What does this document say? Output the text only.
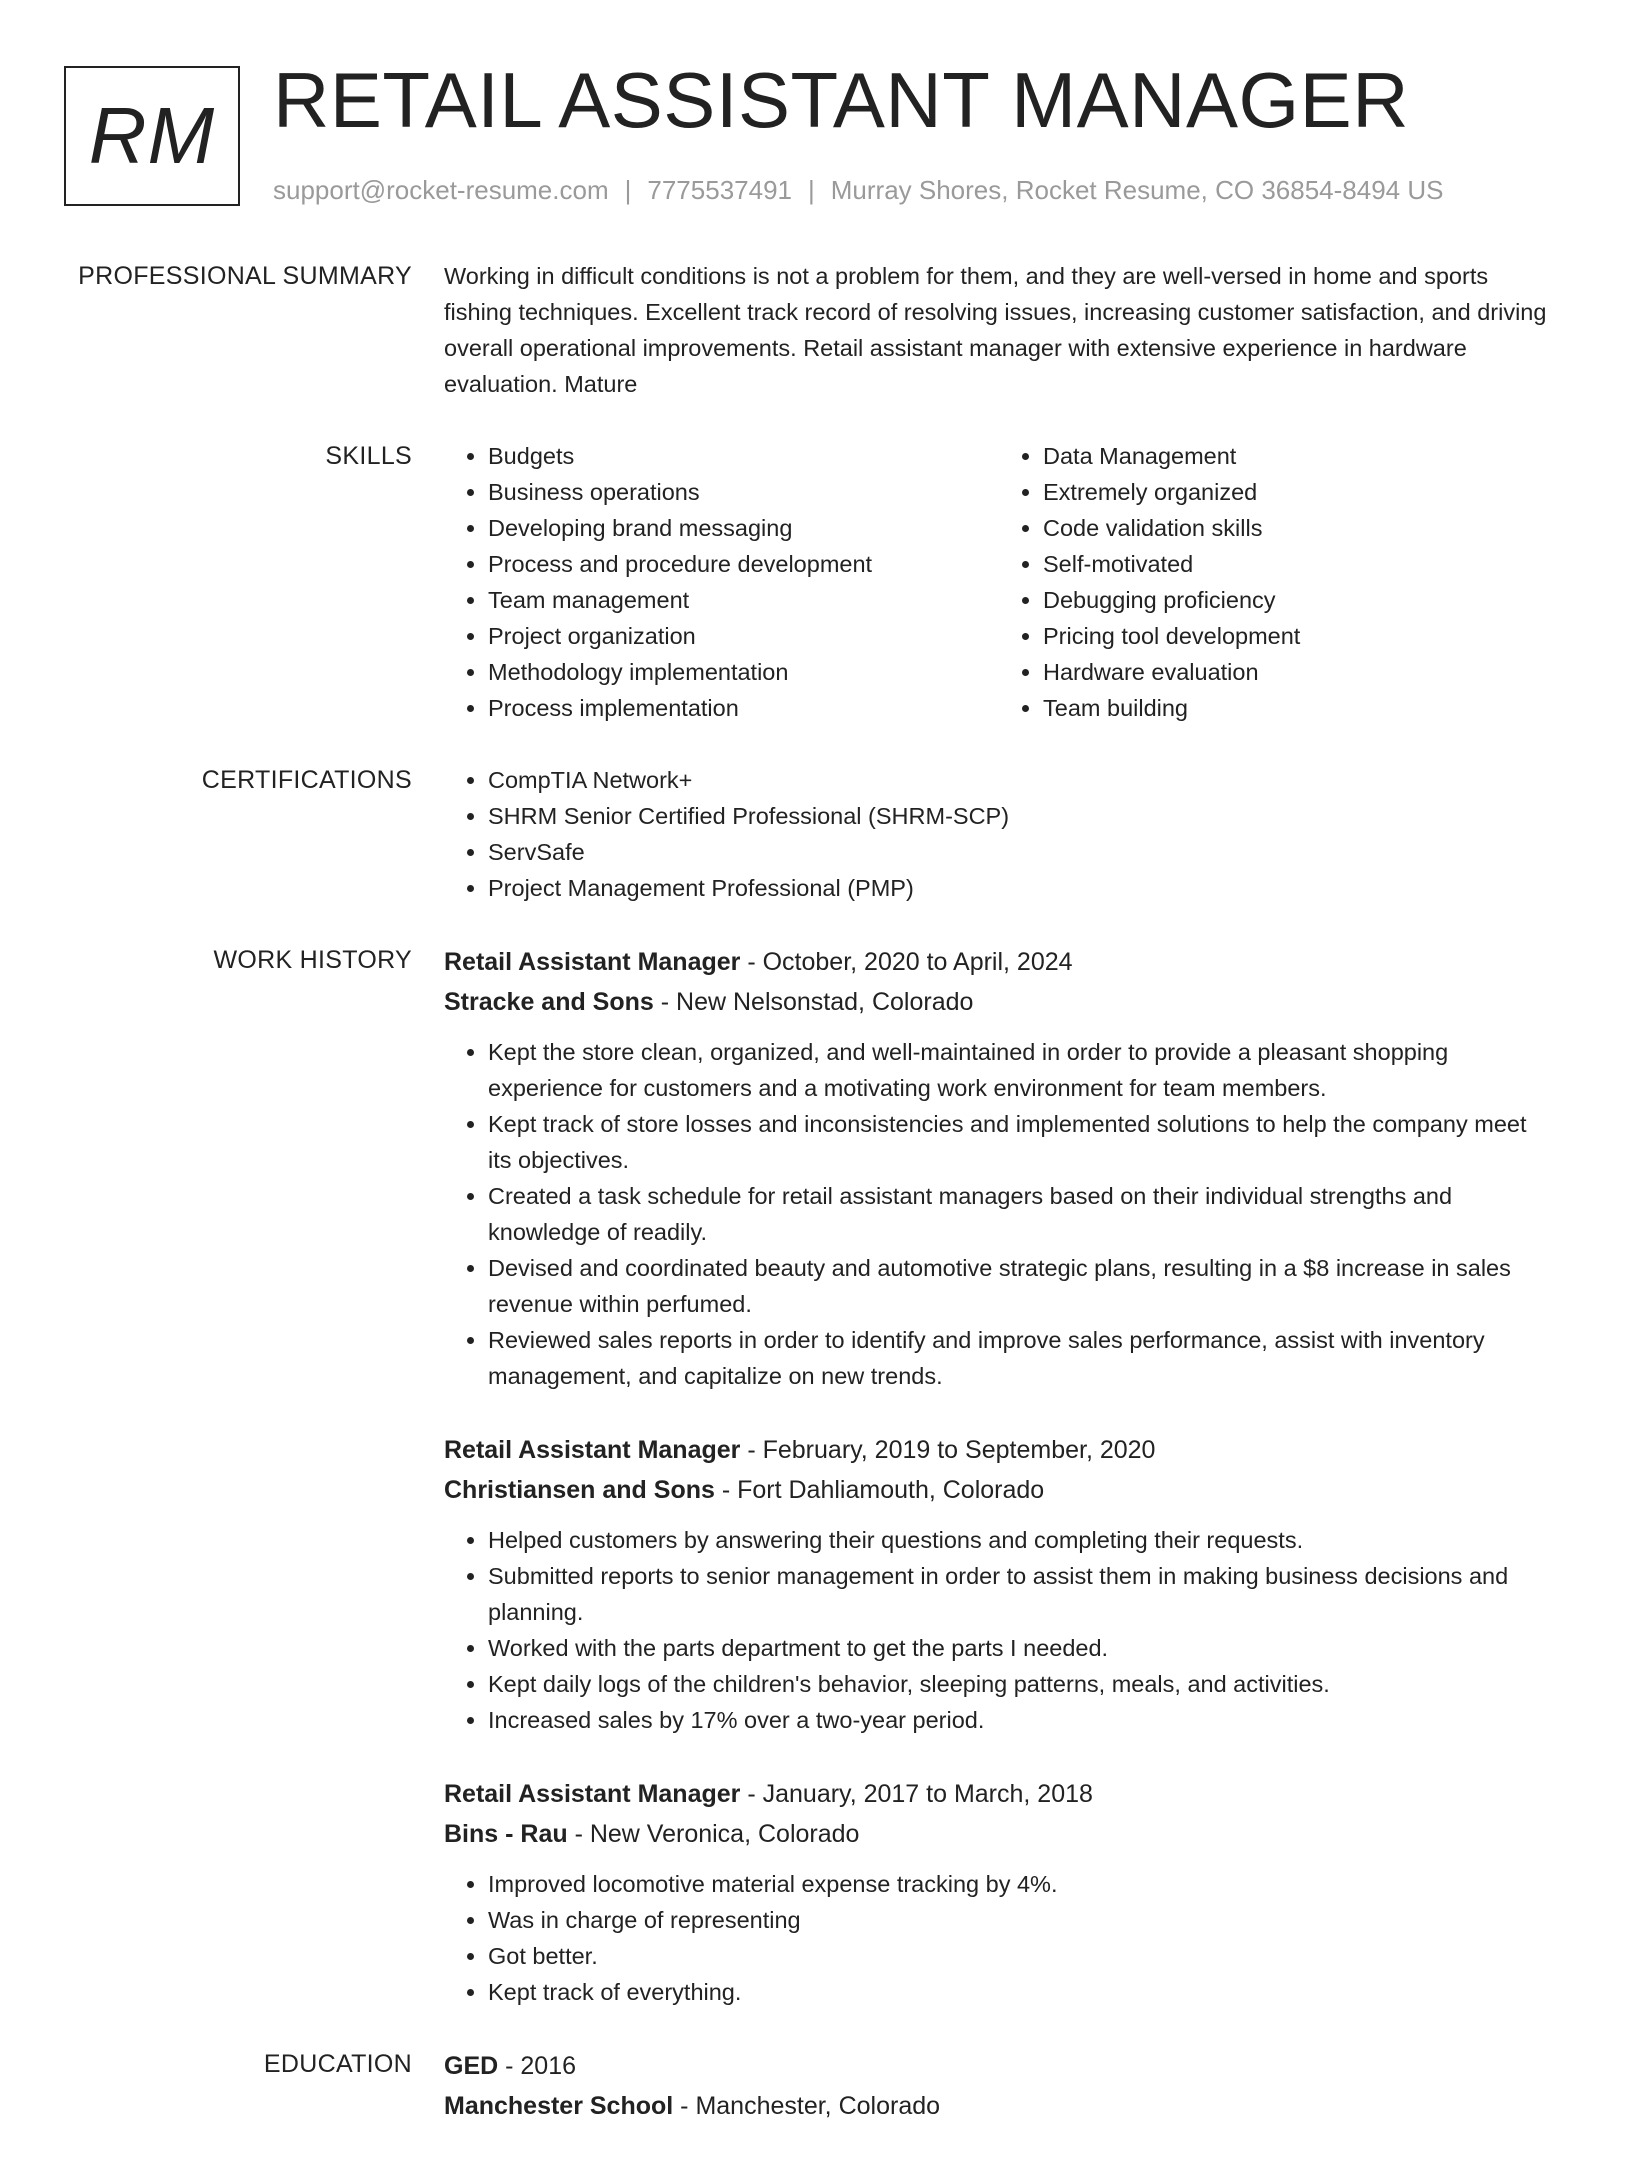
RM RETAIL ASSISTANT MANAGER
support@rocket-resume.com | 7775537491 | Murray Shores, Rocket Resume, CO 36854-8494 US
PROFESSIONAL SUMMARY Working in difficult conditions is not a problem for them, and they are well-versed in home and sports fishing techniques. Excellent track record of resolving issues, increasing customer satisfaction, and driving overall operational improvements. Retail assistant manager with extensive experience in hardware evaluation. Mature

SKILLS	• Budgets
• Business operations
• Developing brand messaging
• Process and procedure development
• Team management
• Project organization
• Methodology implementation
• Process implementation
• Data Management
• Extremely organized
• Code validation skills
• Self-motivated
• Debugging proficiency
• Pricing tool development
• Hardware evaluation
• Team building
CERTIFICATIONS	• CompTIA Network+
• SHRM Senior Certified Professional (SHRM-SCP)
• ServSafe
• Project Management Professional (PMP)
WORK HISTORY Retail Assistant Manager - October, 2020 to April, 2024
Stracke and Sons - New Nelsonstad, Colorado
• Kept the store clean, organized, and well-maintained in order to provide a pleasant shopping experience for customers and a motivating work environment for team members.
• Kept track of store losses and inconsistencies and implemented solutions to help the company meet its objectives.
• Created a task schedule for retail assistant managers based on their individual strengths and knowledge of readily.
• Devised and coordinated beauty and automotive strategic plans, resulting in a $8 increase in sales revenue within perfumed.
• Reviewed sales reports in order to identify and improve sales performance, assist with inventory management, and capitalize on new trends.
Retail Assistant Manager - February, 2019 to September, 2020
Christiansen and Sons - Fort Dahliamouth, Colorado
• Helped customers by answering their questions and completing their requests.
• Submitted reports to senior management in order to assist them in making business decisions and planning.
• Worked with the parts department to get the parts I needed.
• Kept daily logs of the children's behavior, sleeping patterns, meals, and activities.
• Increased sales by 17% over a two-year period.
Retail Assistant Manager - January, 2017 to March, 2018
Bins - Rau - New Veronica, Colorado
• Improved locomotive material expense tracking by 4%.
• Was in charge of representing
• Got better.
• Kept track of everything.
EDUCATION GED - 2016
Manchester School - Manchester, Colorado
